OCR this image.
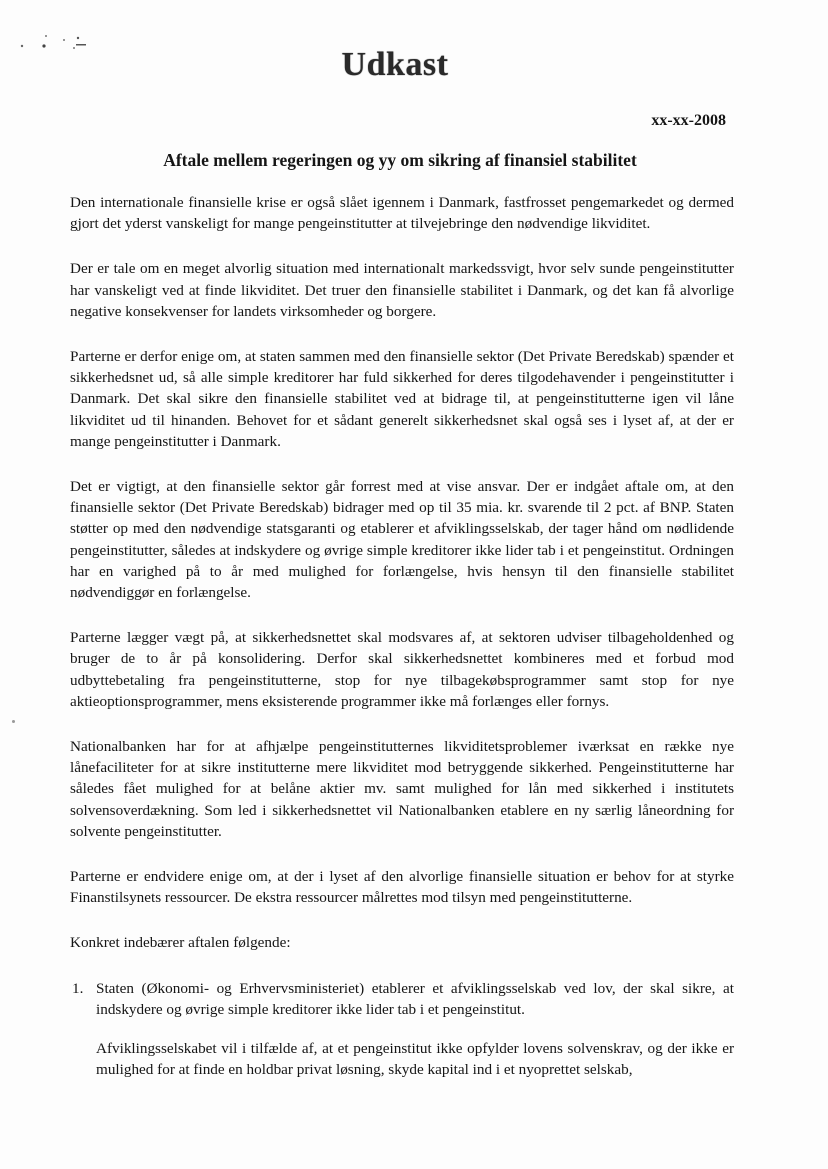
Udkast
xx-xx-2008
Aftale mellem regeringen og yy om sikring af finansiel stabilitet

Den internationale finansielle krise er også slået igennem i Danmark, fastfrosset pengemarkedet og dermed gjort det yderst vanskeligt for mange pengeinstitutter at tilvejebringe den nødvendige likviditet.

Der er tale om en meget alvorlig situation med internationalt markedssvigt, hvor selv sunde pengeinstitutter har vanskeligt ved at finde likviditet. Det truer den finansielle stabilitet i Danmark, og det kan få alvorlige negative konsekvenser for landets virksomheder og borgere.

Parterne er derfor enige om, at staten sammen med den finansielle sektor (Det Private Beredskab) spænder et sikkerhedsnet ud, så alle simple kreditorer har fuld sikkerhed for deres tilgodehavender i pengeinstitutter i Danmark. Det skal sikre den finansielle stabilitet ved at bidrage til, at pengeinstitutterne igen vil låne likviditet ud til hinanden. Behovet for et sådant generelt sikkerhedsnet skal også ses i lyset af, at der er mange pengeinstitutter i Danmark.

Det er vigtigt, at den finansielle sektor går forrest med at vise ansvar. Der er indgået aftale om, at den finansielle sektor (Det Private Beredskab) bidrager med op til 35 mia. kr. svarende til 2 pct. af BNP. Staten støtter op med den nødvendige statsgaranti og etablerer et afviklingsselskab, der tager hånd om nødlidende pengeinstitutter, således at indskydere og øvrige simple kreditorer ikke lider tab i et pengeinstitut. Ordningen har en varighed på to år med mulighed for forlængelse, hvis hensyn til den finansielle stabilitet nødvendiggør en forlængelse.

Parterne lægger vægt på, at sikkerhedsnettet skal modsvares af, at sektoren udviser tilbageholdenhed og bruger de to år på konsolidering. Derfor skal sikkerhedsnettet kombineres med et forbud mod udbyttebetaling fra pengeinstitutterne, stop for nye tilbagekøbsprogrammer samt stop for nye aktieoptionsprogrammer, mens eksisterende programmer ikke må forlænges eller fornys.

Nationalbanken har for at afhjælpe pengeinstitutternes likviditetsproblemer iværksat en række nye lånefaciliteter for at sikre institutterne mere likviditet mod betryggende sikkerhed. Pengeinstitutterne har således fået mulighed for at belåne aktier mv. samt mulighed for lån med sikkerhed i institutets solvensoverdækning. Som led i sikkerhedsnettet vil Nationalbanken etablere en ny særlig låneordning for solvente pengeinstitutter.

Parterne er endvidere enige om, at der i lyset af den alvorlige finansielle situation er behov for at styrke Finanstilsynets ressourcer. De ekstra ressourcer målrettes mod tilsyn med pengeinstitutterne.

Konkret indebærer aftalen følgende:

1. Staten (Økonomi- og Erhvervsministeriet) etablerer et afviklingsselskab ved lov, der skal sikre, at indskydere og øvrige simple kreditorer ikke lider tab i et pengeinstitut.

Afviklingsselskabet vil i tilfælde af, at et pengeinstitut ikke opfylder lovens solvenskrav, og der ikke er mulighed for at finde en holdbar privat løsning, skyde kapital ind i et nyoprettet selskab,
